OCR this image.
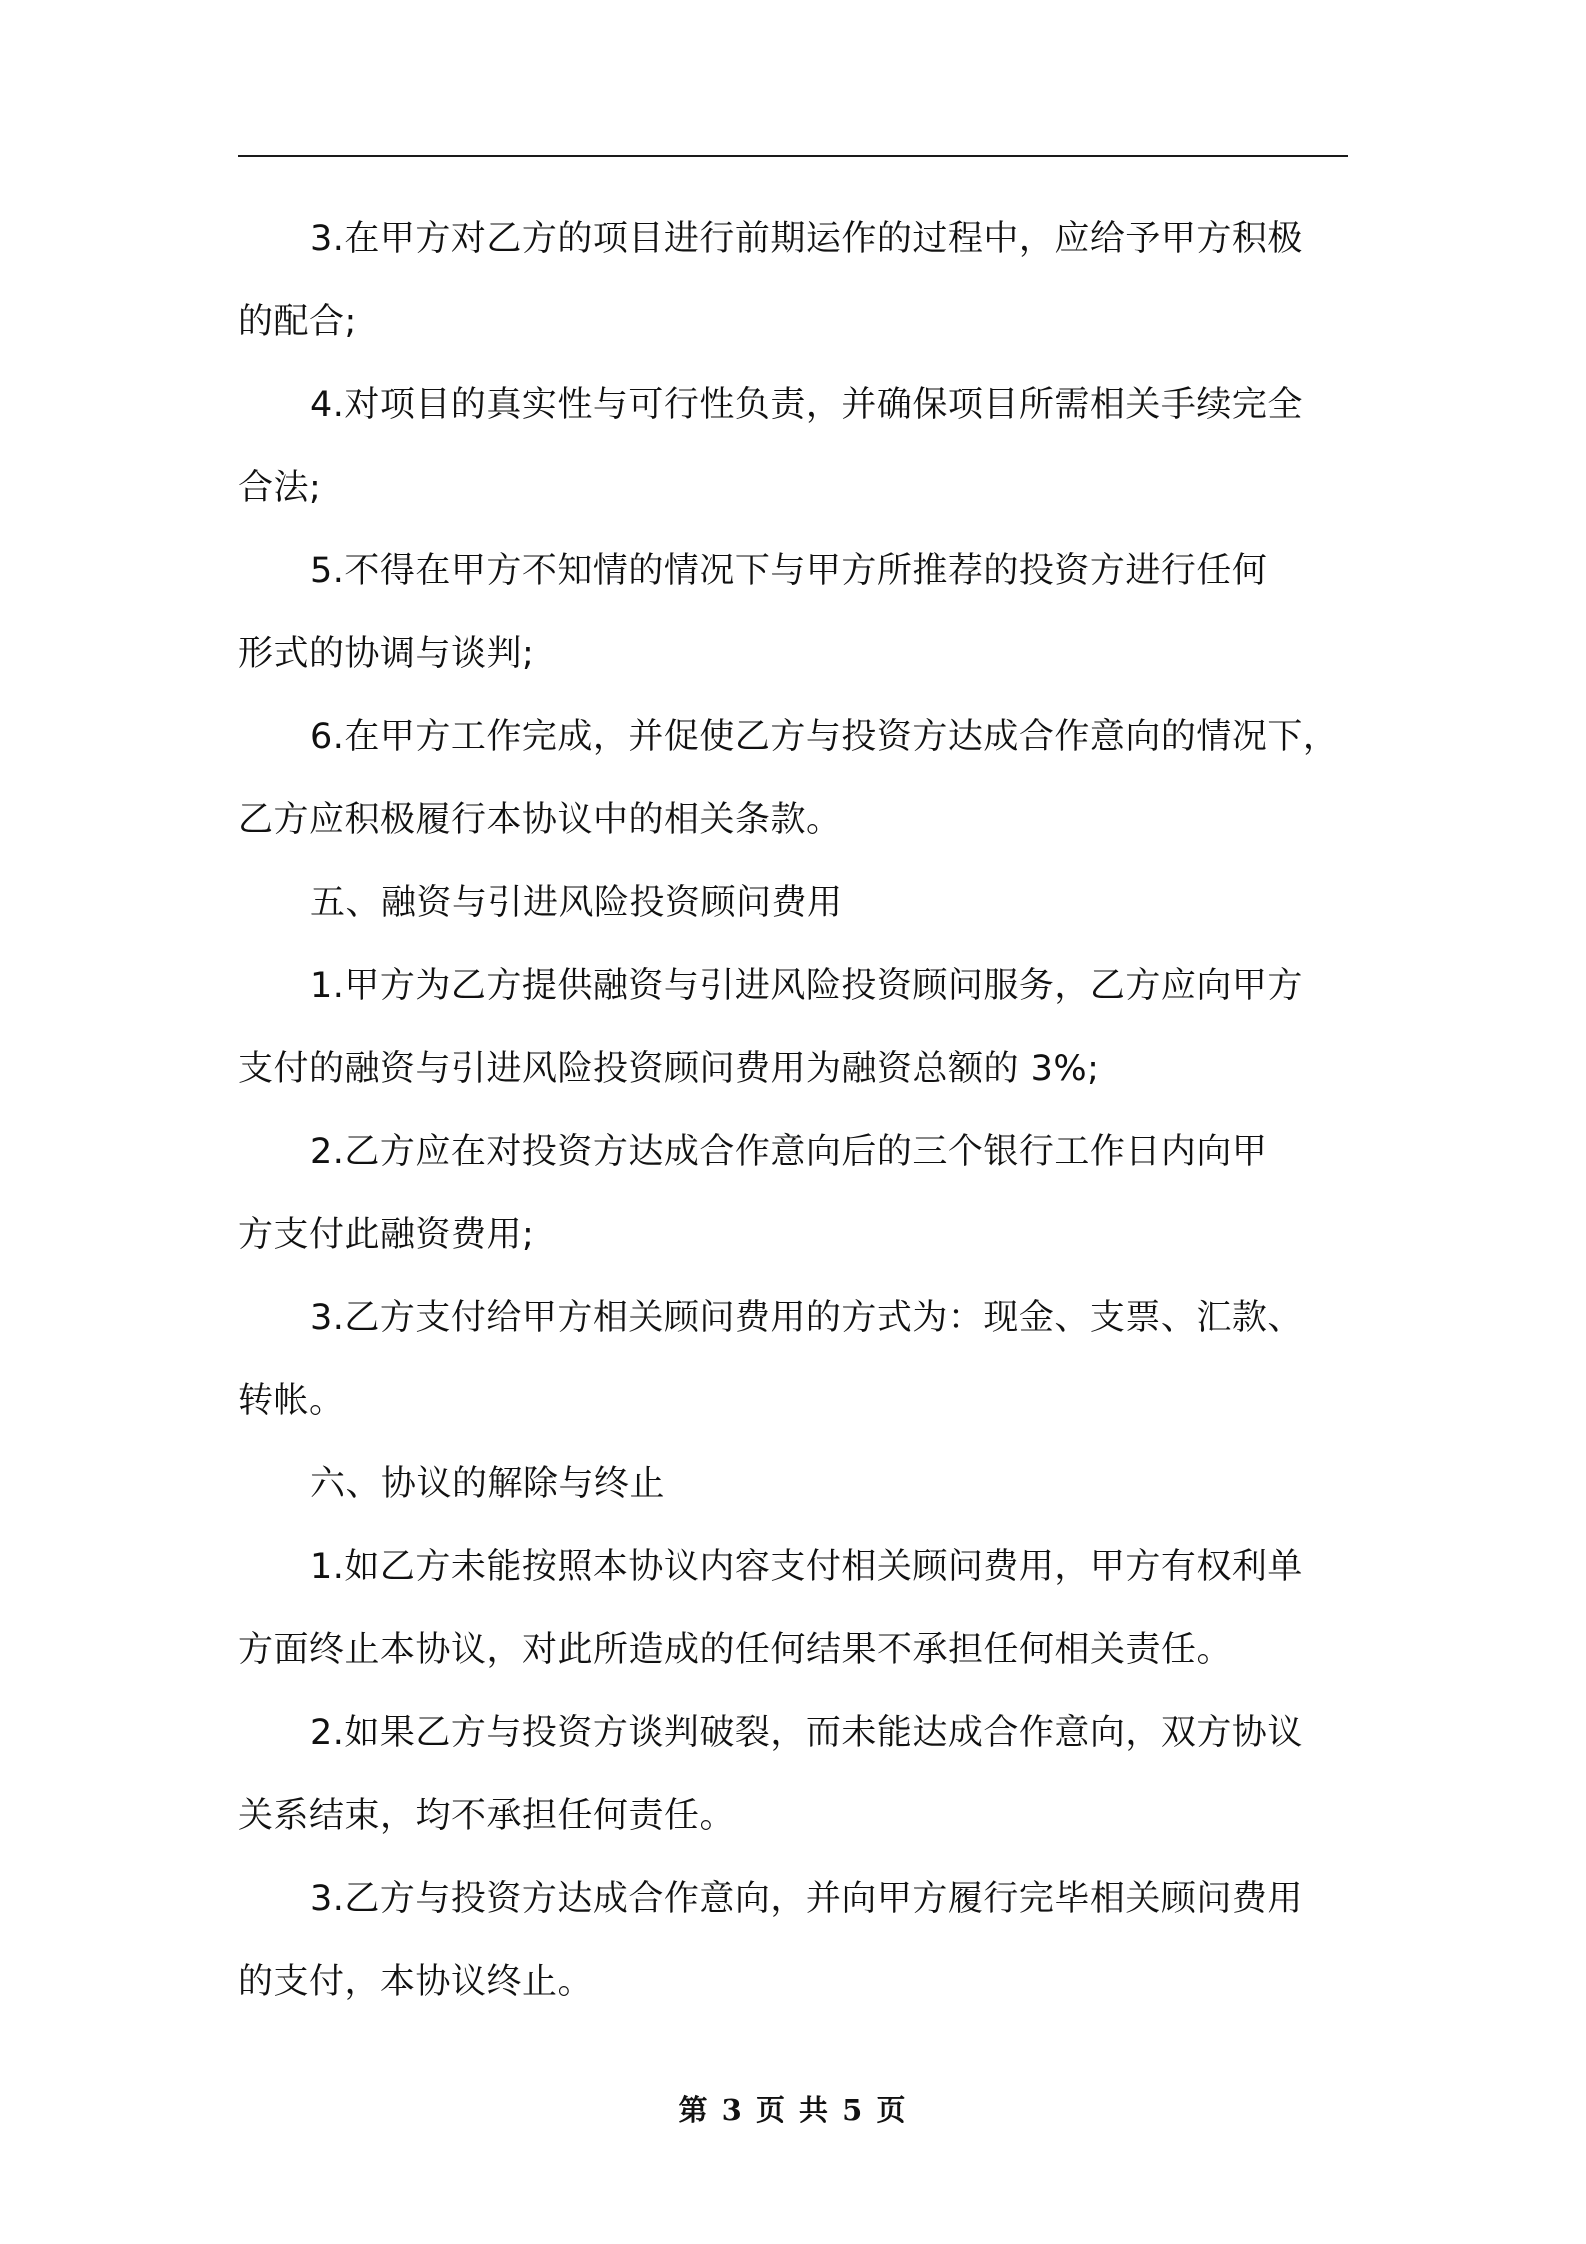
3.在甲方对乙方的项目进行前期运作的过程中，应给予甲方积极
的配合;

4.对项目的真实性与可行性负责，并确保项目所需相关手续完全
合法;

5.不得在甲方不知情的情况下与甲方所推荐的投资方进行任何
形式的协调与谈判;

6.在甲方工作完成，并促使乙方与投资方达成合作意向的情况下，
乙方应积极履行本协议中的相关条款。

五、融资与引进风险投资顾问费用

1.甲方为乙方提供融资与引进风险投资顾问服务，乙方应向甲方
支付的融资与引进风险投资顾问费用为融资总额的 3%;

2.乙方应在对投资方达成合作意向后的三个银行工作日内向甲
方支付此融资费用;

3.乙方支付给甲方相关顾问费用的方式为：现金、支票、汇款、
转帐。

六、协议的解除与终止

1.如乙方未能按照本协议内容支付相关顾问费用，甲方有权利单
方面终止本协议，对此所造成的任何结果不承担任何相关责任。

2.如果乙方与投资方谈判破裂，而未能达成合作意向，双方协议
关系结束，均不承担任何责任。

3.乙方与投资方达成合作意向，并向甲方履行完毕相关顾问费用
的支付，本协议终止。

第 3 页 共 5 页
